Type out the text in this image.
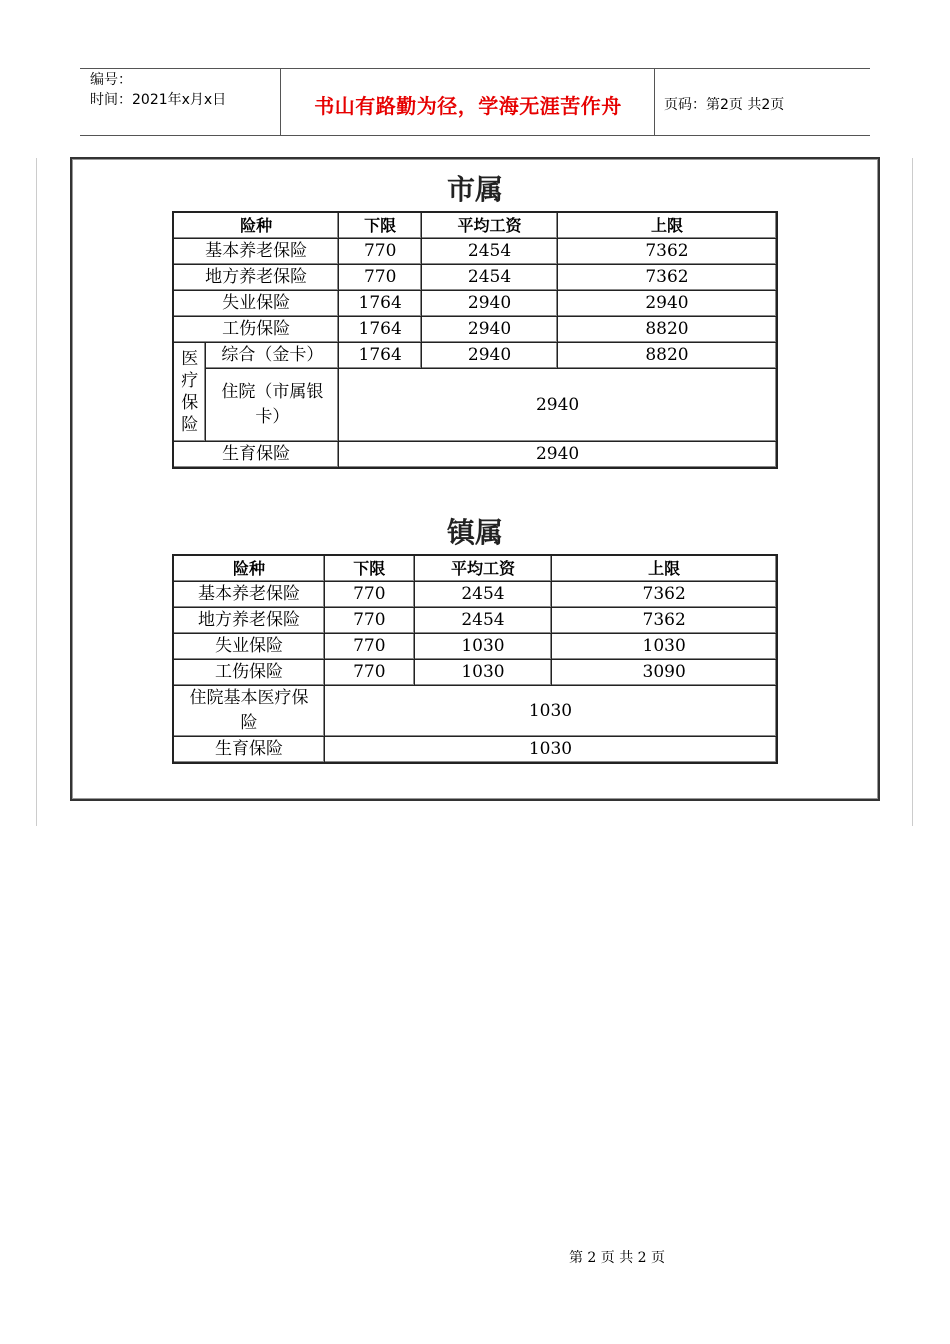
编号：
时间：2021年x月x日	书山有路勤为径，学海无涯苦作舟	页码：第2页 共2页
市属
险种		下限	平均工资	上限
基本养老保险		770	2454	7362
地方养老保险		770	2454	7362
失业保险		1764	2940	2940
工伤保险		1764	2940	8820

医
疗
保
险	综合（金卡）	1764	2940	8820

	住院（市属银
卡）	2940		
生育保险		2940		
镇属
险种	下限	平均工资	上限
基本养老保险	770	2454	7362
地方养老保险	770	2454	7362
失业保险	770	1030	1030
工伤保险	770	1030	3090

住院基本医疗保
险	1030		
生育保险	1030		
第 2 页 共 2 页
